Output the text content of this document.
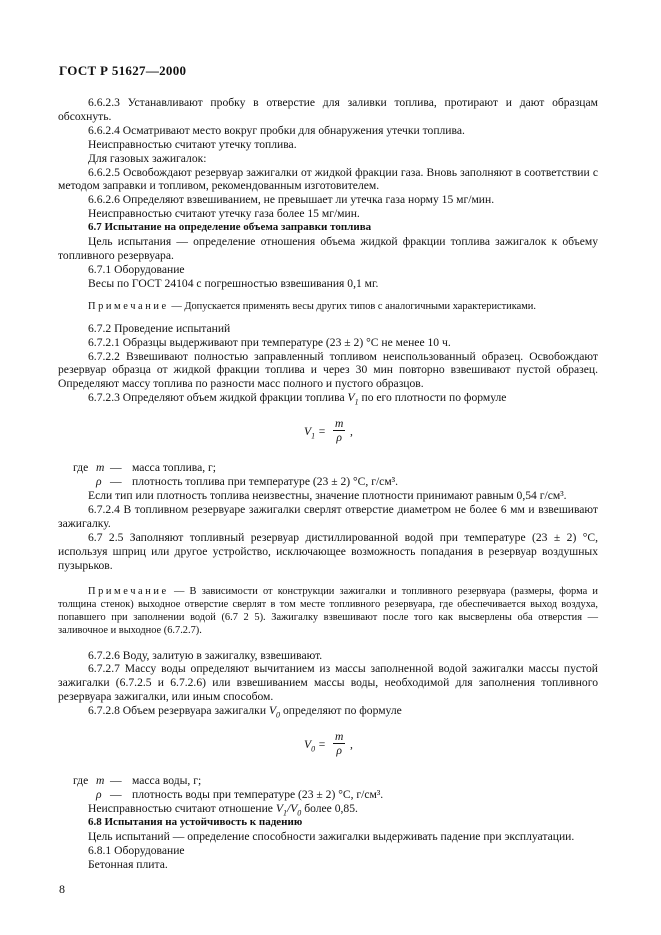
ГОСТ Р 51627—2000

6.6.2.3 Устанавливают пробку в отверстие для заливки топлива, протирают и дают образцам обсохнуть.

6.6.2.4 Осматривают место вокруг пробки для обнаружения утечки топлива.

Неисправностью считают утечку топлива.

Для газовых зажигалок:

6.6.2.5 Освобождают резервуар зажигалки от жидкой фракции газа. Вновь заполняют в соответствии с методом заправки и топливом, рекомендованным изготовителем.

6.6.2.6 Определяют взвешиванием, не превышает ли утечка газа норму 15 мг/мин.

Неисправностью считают утечку газа более 15 мг/мин.

6.7 Испытание на определение объема заправки топлива

Цель испытания — определение отношения объема жидкой фракции топлива зажигалок к объему топливного резервуара.

6.7.1 Оборудование

Весы по ГОСТ 24104 с погрешностью взвешивания 0,1 мг.

Примечание — Допускается применять весы других типов с аналогичными характеристиками.

6.7.2 Проведение испытаний

6.7.2.1 Образцы выдерживают при температуре (23 ± 2) °С не менее 10 ч.

6.7.2.2 Взвешивают полностью заправленный топливом неиспользованный образец. Освобождают резервуар образца от жидкой фракции топлива и через 30 мин повторно взвешивают пустой образец. Определяют массу топлива по разности масс полного и пустого образцов.

6.7.2.3 Определяют объем жидкой фракции топлива $V_1$ по его плотности по формуле

$V_1 = \frac{m}{\rho}$ ,
где m — масса топлива, г;
ρ — плотность топлива при температуре (23 ± 2) °С, г/см³.

Если тип или плотность топлива неизвестны, значение плотности принимают равным 0,54 г/см³.

6.7.2.4 В топливном резервуаре зажигалки сверлят отверстие диаметром не более 6 мм и взвешивают зажигалку.

6.7 2.5 Заполняют топливный резервуар дистиллированной водой при температуре (23 ± 2) °С, используя шприц или другое устройство, исключающее возможность попадания в резервуар воздушных пузырьков.

Примечание — В зависимости от конструкции зажигалки и топливного резервуара (размеры, форма и толщина стенок) выходное отверстие сверлят в том месте топливного резервуара, где обеспечивается выход воздуха, попавшего при заполнении водой (6.7 2 5). Зажигалку взвешивают после того как высверлены оба отверстия — заливочное и выходное (6.7.2.7).

6.7.2.6 Воду, залитую в зажигалку, взвешивают.

6.7.2.7 Массу воды определяют вычитанием из массы заполненной водой зажигалки массы пустой зажигалки (6.7.2.5 и 6.7.2.6) или взвешиванием массы воды, необходимой для заполнения топливного резервуара зажигалки, или иным способом.

6.7.2.8 Объем резервуара зажигалки $V_0$ определяют по формуле

$V_0 = \frac{m}{\rho}$ ,
где m — масса воды, г;
ρ — плотность воды при температуре (23 ± 2) °С, г/см³.

Неисправностью считают отношение $V_1/V_0$ более 0,85.

6.8 Испытания на устойчивость к падению

Цель испытаний — определение способности зажигалки выдерживать падение при эксплуатации.

6.8.1 Оборудование

Бетонная плита.

8
